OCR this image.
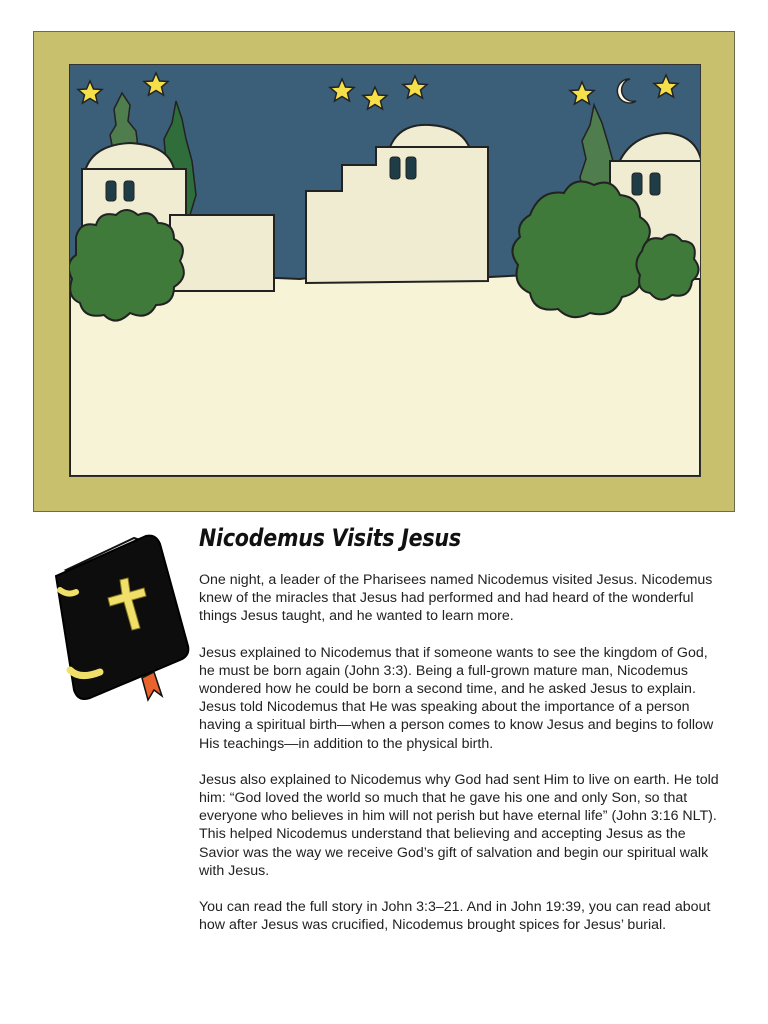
Nicodemus Visits Jesus

One night, a leader of the Pharisees named Nicodemus visited Jesus. Nicodemus knew of the miracles that Jesus had performed and had heard of the wonderful things Jesus taught, and he wanted to learn more.

Jesus explained to Nicodemus that if someone wants to see the kingdom of God, he must be born again (John 3:3). Being a full-grown mature man, Nicodemus wondered how he could be born a second time, and he asked Jesus to explain. Jesus told Nicodemus that He was speaking about the importance of a person having a spiritual birth—when a person comes to know Jesus and begins to follow His teachings—in addition to the physical birth.

Jesus also explained to Nicodemus why God had sent Him to live on earth. He told him: “God loved the world so much that he gave his one and only Son, so that everyone who believes in him will not perish but have eternal life” (John 3:16 NLT). This helped Nicodemus understand that believing and accepting Jesus as the Savior was the way we receive God’s gift of salvation and begin our spiritual walk with Jesus.

You can read the full story in John 3:3–21. And in John 19:39, you can read about how after Jesus was crucified, Nicodemus brought spices for Jesus’ burial.
